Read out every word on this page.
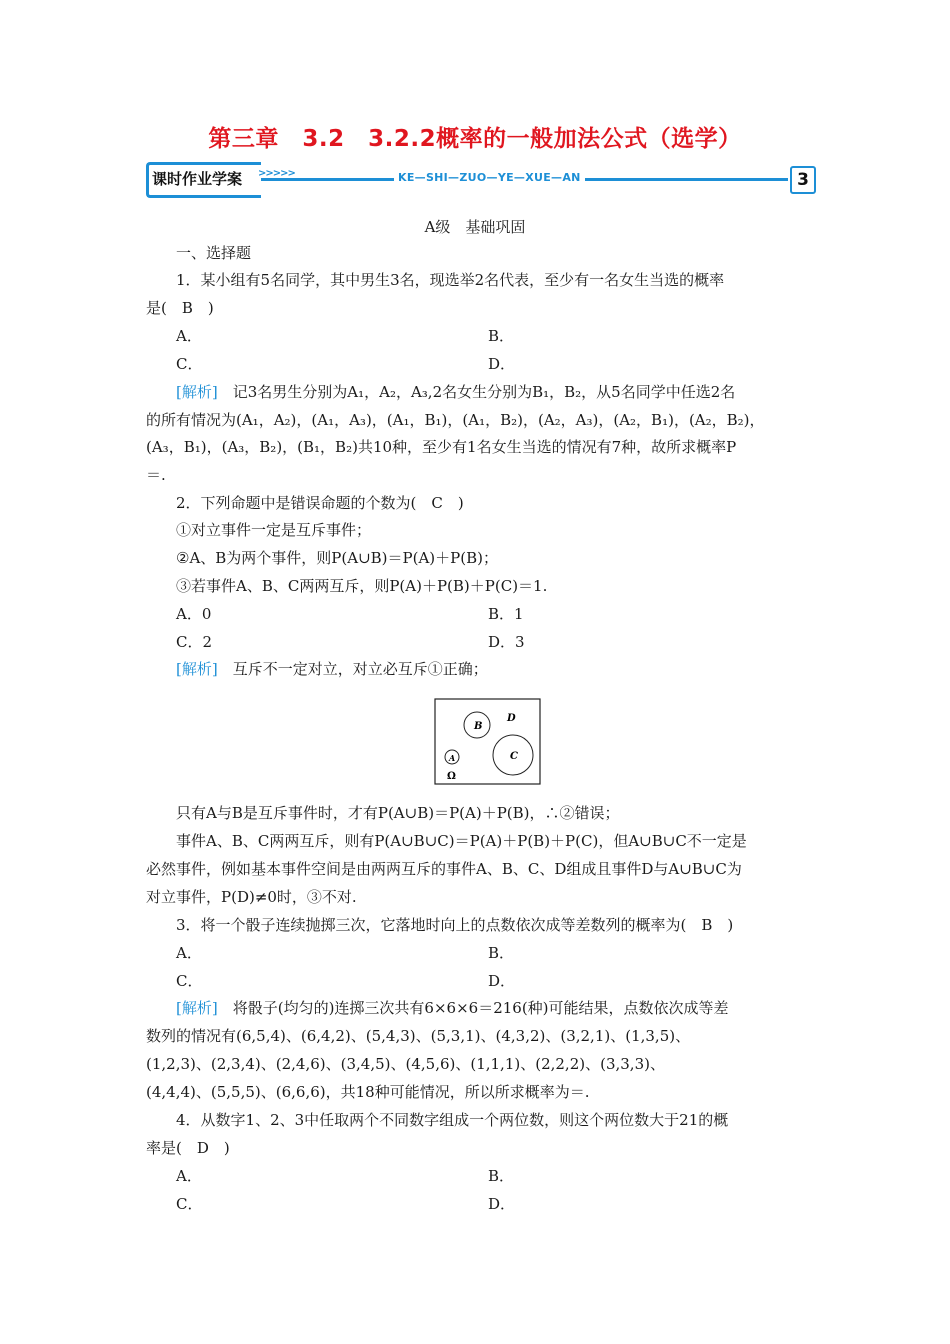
第三章　3.2　3.2.2概率的一般加法公式（选学）
课时作业学案 >>>>>	KE—SHI—ZUO—YE—XUE—AN	3
A级　基础巩固
一、选择题
1．某小组有5名同学，其中男生3名，现选举2名代表，至少有一名女生当选的概率
是(　B　)
A．	B．
C．	D．
[解析]　记3名男生分别为A₁，A₂，A₃,2名女生分别为B₁，B₂，从5名同学中任选2名
的所有情况为(A₁，A₂)，(A₁，A₃)，(A₁，B₁)，(A₁，B₂)，(A₂，A₃)，(A₂，B₁)，(A₂，B₂)，
(A₃，B₁)，(A₃，B₂)，(B₁，B₂)共10种，至少有1名女生当选的情况有7种，故所求概率P
＝.
2．下列命题中是错误命题的个数为(　C　)
①对立事件一定是互斥事件；
②A、B为两个事件，则P(A∪B)＝P(A)＋P(B)；
③若事件A、B、C两两互斥，则P(A)＋P(B)＋P(C)＝1.
A．0	B．1
C．2	D．3
[解析]　互斥不一定对立，对立必互斥①正确；
B
D
A	C
Ω
只有A与B是互斥事件时，才有P(A∪B)＝P(A)＋P(B)，∴②错误；
事件A、B、C两两互斥，则有P(A∪B∪C)＝P(A)＋P(B)＋P(C)，但A∪B∪C不一定是
必然事件，例如基本事件空间是由两两互斥的事件A、B、C、D组成且事件D与A∪B∪C为
对立事件，P(D)≠0时，③不对.
3．将一个骰子连续抛掷三次，它落地时向上的点数依次成等差数列的概率为(　B　)
A．	B．
C．	D．
[解析]　将骰子(均匀的)连掷三次共有6×6×6＝216(种)可能结果，点数依次成等差
数列的情况有(6,5,4)、(6,4,2)、(5,4,3)、(5,3,1)、(4,3,2)、(3,2,1)、(1,3,5)、
(1,2,3)、(2,3,4)、(2,4,6)、(3,4,5)、(4,5,6)、(1,1,1)、(2,2,2)、(3,3,3)、
(4,4,4)、(5,5,5)、(6,6,6)，共18种可能情况，所以所求概率为＝.
4．从数字1、2、3中任取两个不同数字组成一个两位数，则这个两位数大于21的概
率是(　D　)
A．	B．
C．	D．
